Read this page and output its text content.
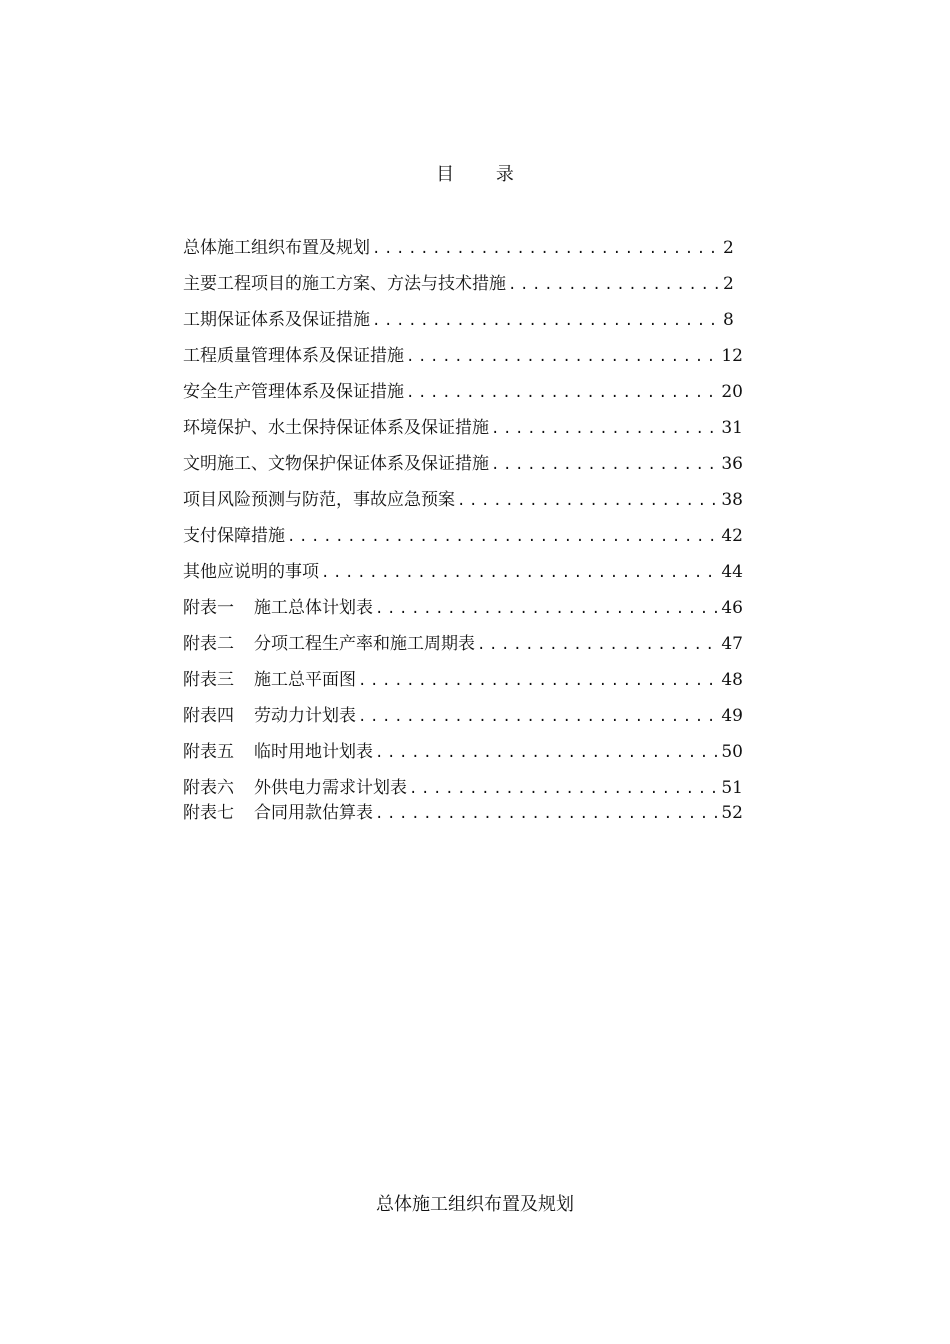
目 录
总体施工组织布置及规划 .....	2
主要工程项目的施工方案、方法与技术措施 .....	2
工期保证体系及保证措施 .....	8
工程质量管理体系及保证措施 .....	12
安全生产管理体系及保证措施 .....	20
环境保护、水土保持保证体系及保证措施 .....	31
文明施工、文物保护保证体系及保证措施 .....	36
项目风险预测与防范，事故应急预案 .....	38
支付保障措施 .....	42
其他应说明的事项 .....	44
附表一 施工总体计划表 .....	46
附表二 分项工程生产率和施工周期表 .....	47
附表三 施工总平面图 .....	48
附表四 劳动力计划表 .....	49
附表五 临时用地计划表 .....	50
附表六 外供电力需求计划表 .....	51
附表七 合同用款估算表 .....	52
总体施工组织布置及规划
